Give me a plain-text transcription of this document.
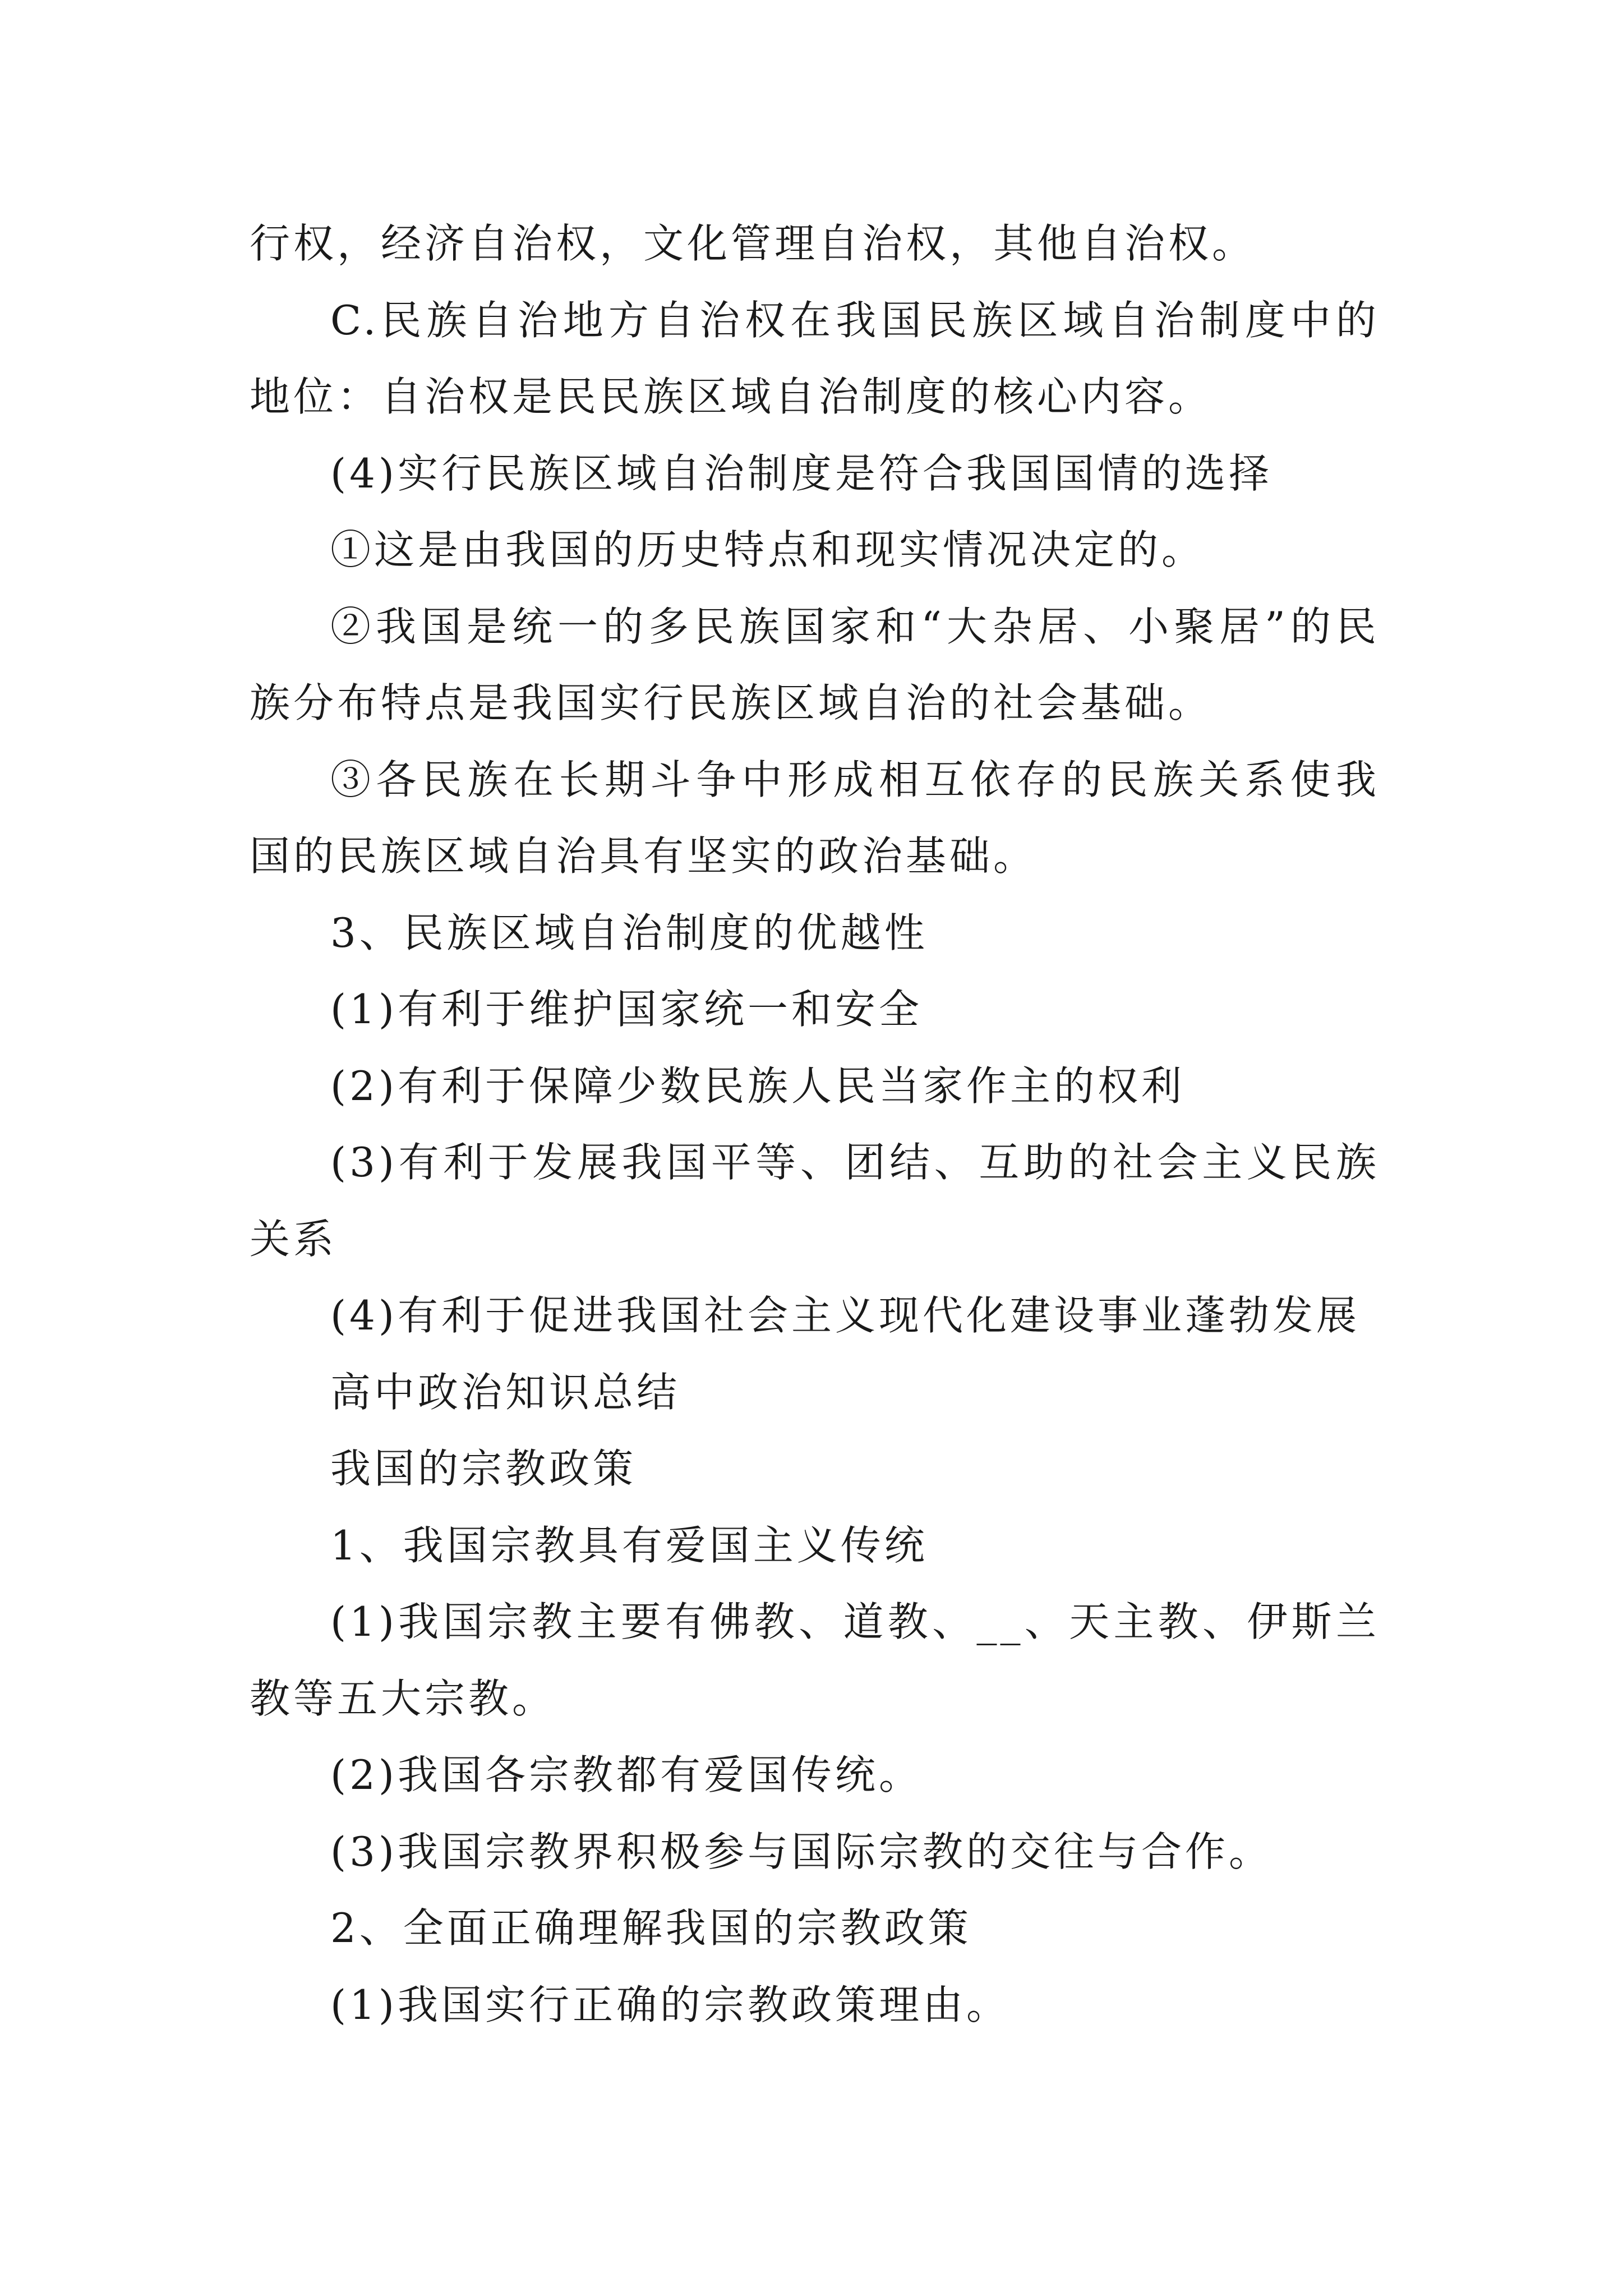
行权，经济自治权，文化管理自治权，其他自治权。

C.民族自治地方自治权在我国民族区域自治制度中的地位：自治权是民民族区域自治制度的核心内容。

(4)实行民族区域自治制度是符合我国国情的选择

①这是由我国的历史特点和现实情况决定的。

②我国是统一的多民族国家和“大杂居、小聚居”的民族分布特点是我国实行民族区域自治的社会基础。

③各民族在长期斗争中形成相互依存的民族关系使我国的民族区域自治具有坚实的政治基础。

3、民族区域自治制度的优越性

(1)有利于维护国家统一和安全

(2)有利于保障少数民族人民当家作主的权利

(3)有利于发展我国平等、团结、互助的社会主义民族关系

(4)有利于促进我国社会主义现代化建设事业蓬勃发展

高中政治知识总结

我国的宗教政策

1、我国宗教具有爱国主义传统

(1)我国宗教主要有佛教、道教、__、天主教、伊斯兰教等五大宗教。

(2)我国各宗教都有爱国传统。

(3)我国宗教界积极参与国际宗教的交往与合作。

2、全面正确理解我国的宗教政策

(1)我国实行正确的宗教政策理由。
